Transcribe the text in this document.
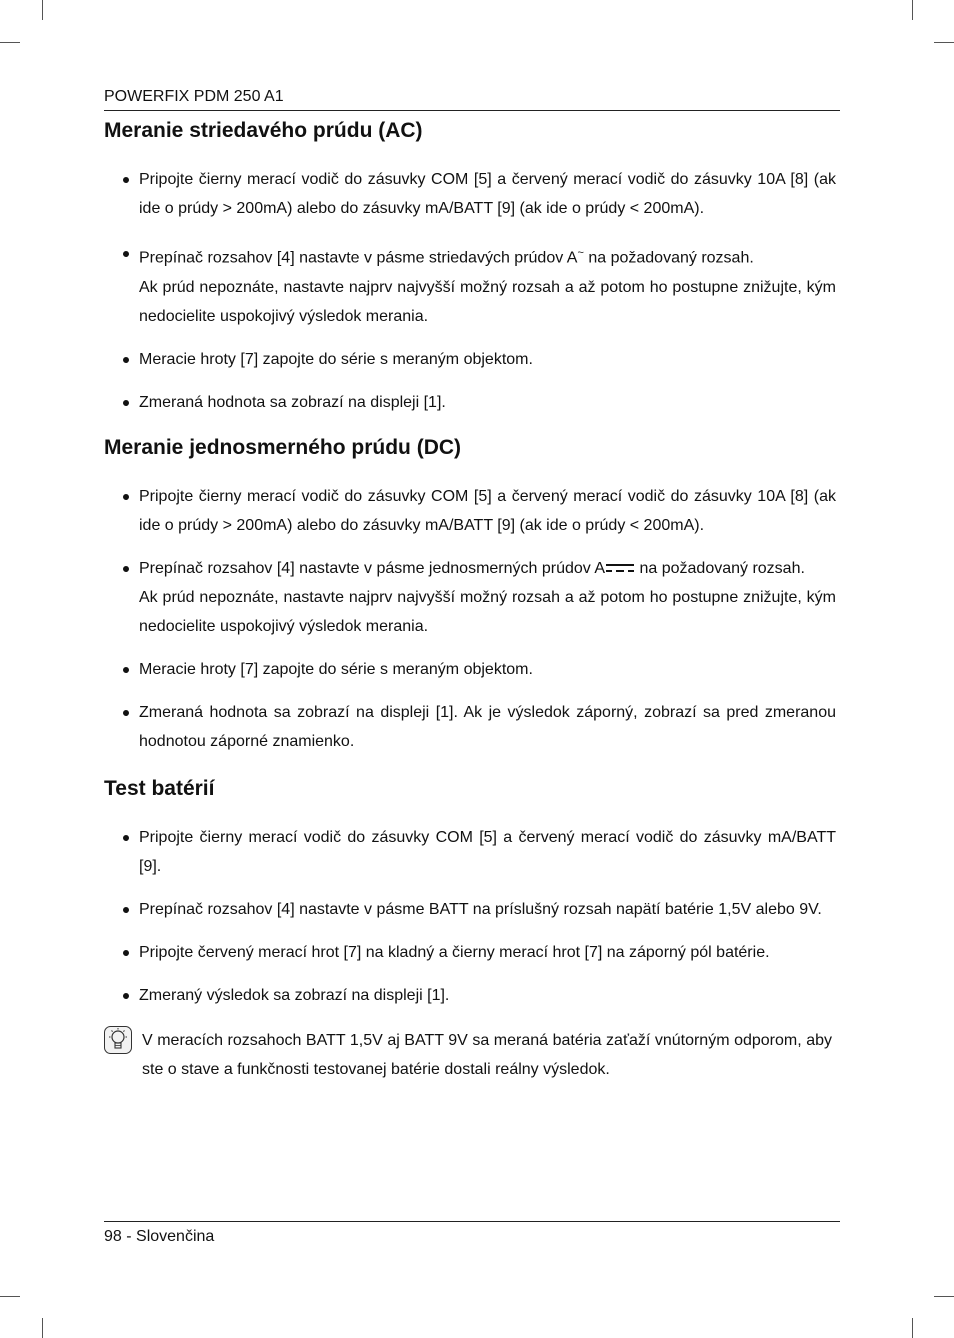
POWERFIX PDM 250 A1
Meranie striedavého prúdu (AC)
Pripojte čierny merací vodič do zásuvky COM [5] a červený merací vodič do zásuvky 10A [8] (ak ide o prúdy > 200mA) alebo do zásuvky mA/BATT [9] (ak ide o prúdy < 200mA).
Prepínač rozsahov [4] nastavte v pásme striedavých prúdov A~ na požadovaný rozsah.
Ak prúd nepoznáte, nastavte najprv najvyšší možný rozsah a až potom ho postupne znižujte, kým nedocielite uspokojivý výsledok merania.
Meracie hroty [7] zapojte do série s meraným objektom.
Zmeraná hodnota sa zobrazí na displeji [1].
Meranie jednosmerného prúdu (DC)
Pripojte čierny merací vodič do zásuvky COM [5] a červený merací vodič do zásuvky 10A [8] (ak ide o prúdy > 200mA) alebo do zásuvky mA/BATT [9] (ak ide o prúdy < 200mA).
Prepínač rozsahov [4] nastavte v pásme jednosmerných prúdov A na požadovaný rozsah.
Ak prúd nepoznáte, nastavte najprv najvyšší možný rozsah a až potom ho postupne znižujte, kým nedocielite uspokojivý výsledok merania.
Meracie hroty [7] zapojte do série s meraným objektom.
Zmeraná hodnota sa zobrazí na displeji [1]. Ak je výsledok záporný, zobrazí sa pred zmeranou hodnotou záporné znamienko.
Test batérií
Pripojte čierny merací vodič do zásuvky COM [5] a červený merací vodič do zásuvky mA/BATT [9].
Prepínač rozsahov [4] nastavte v pásme BATT na príslušný rozsah napätí batérie 1,5V alebo 9V.
Pripojte červený merací hrot [7] na kladný a čierny merací hrot [7] na záporný pól batérie.
Zmeraný výsledok sa zobrazí na displeji [1].
V meracích rozsahoch BATT 1,5V aj BATT 9V sa meraná batéria zaťaží vnútorným odporom, aby ste o stave a funkčnosti testovanej batérie dostali reálny výsledok.
98 - Slovenčina
